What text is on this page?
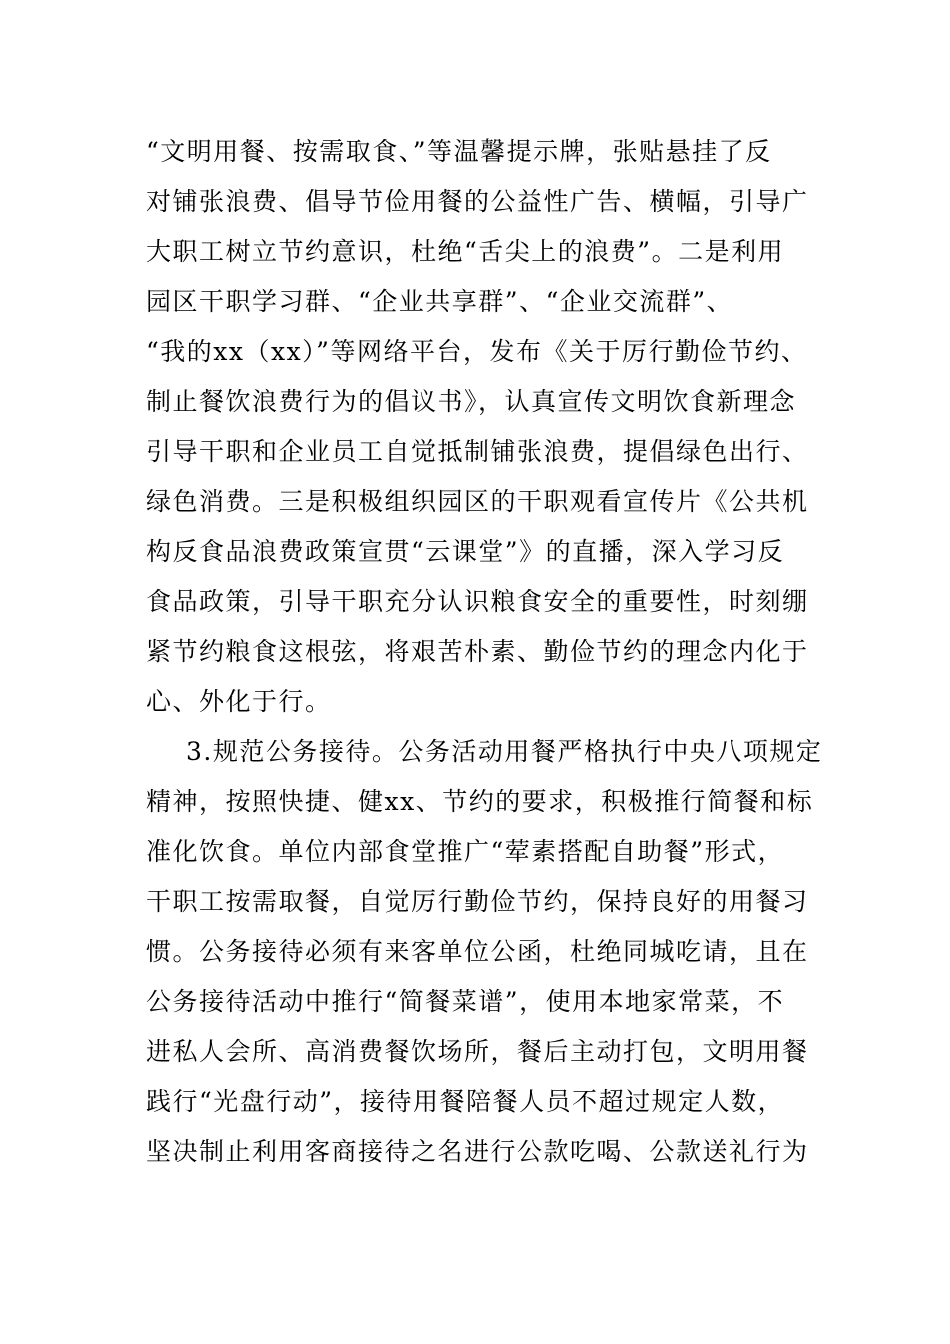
“文明用餐、按需取食、”等温馨提示牌，张贴悬挂了反
对铺张浪费、倡导节俭用餐的公益性广告、横幅，引导广
大职工树立节约意识，杜绝“舌尖上的浪费”。二是利用
园区干职学习群、“企业共享群”、“企业交流群”、
“我的xx（xx）”等网络平台，发布《关于厉行勤俭节约、
制止餐饮浪费行为的倡议书》，认真宣传文明饮食新理念
引导干职和企业员工自觉抵制铺张浪费，提倡绿色出行、
绿色消费。三是积极组织园区的干职观看宣传片《公共机
构反食品浪费政策宣贯“云课堂”》的直播，深入学习反
食品政策，引导干职充分认识粮食安全的重要性，时刻绷
紧节约粮食这根弦，将艰苦朴素、勤俭节约的理念内化于
心、外化于行。
3.规范公务接待。公务活动用餐严格执行中央八项规定
精神，按照快捷、健xx、节约的要求，积极推行简餐和标
准化饮食。单位内部食堂推广“荤素搭配自助餐”形式，
干职工按需取餐，自觉厉行勤俭节约，保持良好的用餐习
惯。公务接待必须有来客单位公函，杜绝同城吃请，且在
公务接待活动中推行“简餐菜谱”，使用本地家常菜，不
进私人会所、高消费餐饮场所，餐后主动打包，文明用餐
践行“光盘行动”，接待用餐陪餐人员不超过规定人数，
坚决制止利用客商接待之名进行公款吃喝、公款送礼行为
